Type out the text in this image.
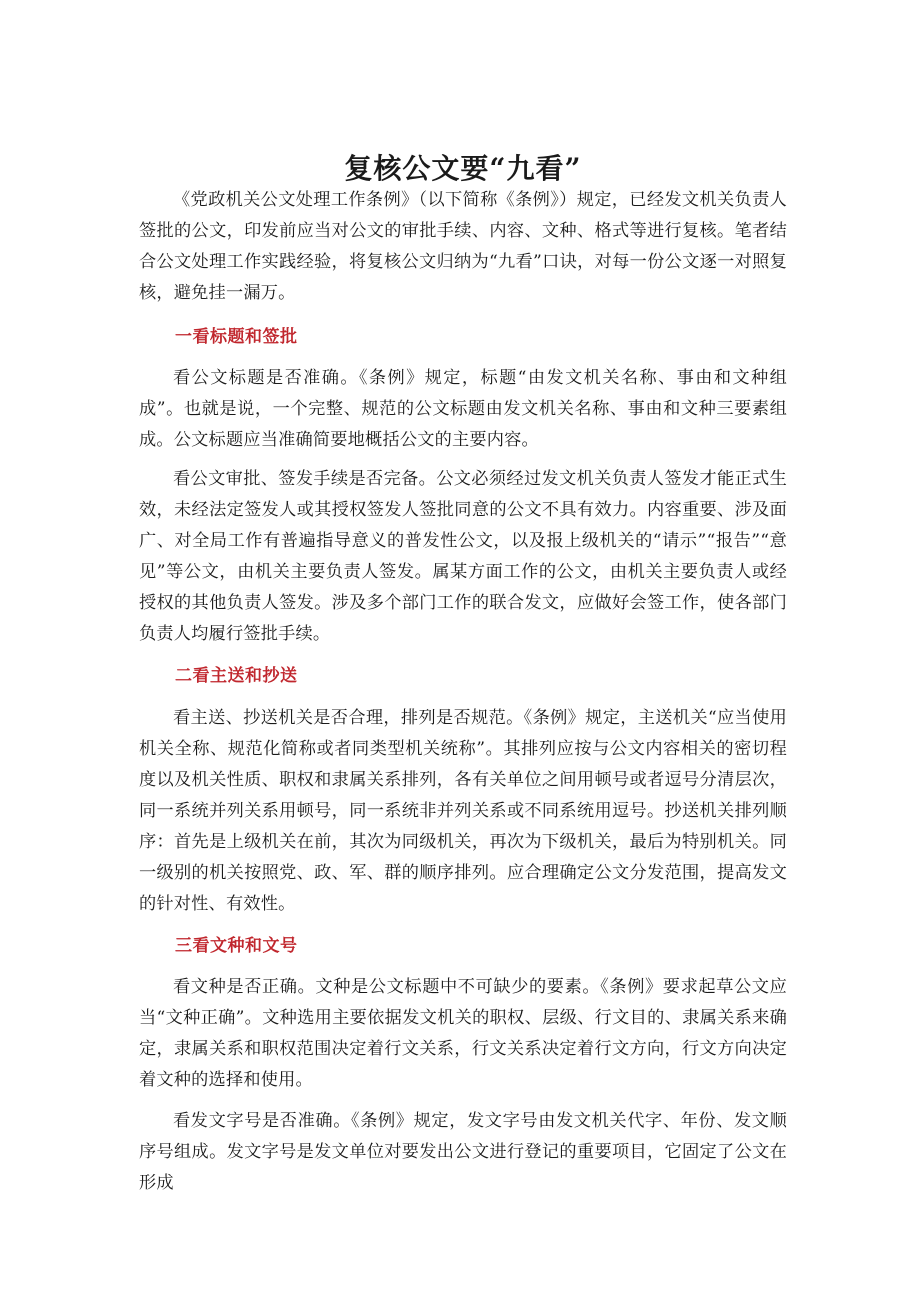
复核公文要“九看”

《党政机关公文处理工作条例》（以下简称《条例》）规定，已经发文机关负责人签批的公文，印发前应当对公文的审批手续、内容、文种、格式等进行复核。笔者结合公文处理工作实践经验，将复核公文归纳为“九看”口诀，对每一份公文逐一对照复核，避免挂一漏万。

一看标题和签批

看公文标题是否准确。《条例》规定，标题“由发文机关名称、事由和文种组成”。也就是说，一个完整、规范的公文标题由发文机关名称、事由和文种三要素组成。公文标题应当准确简要地概括公文的主要内容。

看公文审批、签发手续是否完备。公文必须经过发文机关负责人签发才能正式生效，未经法定签发人或其授权签发人签批同意的公文不具有效力。内容重要、涉及面广、对全局工作有普遍指导意义的普发性公文，以及报上级机关的“请示”“报告”“意见”等公文，由机关主要负责人签发。属某方面工作的公文，由机关主要负责人或经授权的其他负责人签发。涉及多个部门工作的联合发文，应做好会签工作，使各部门负责人均履行签批手续。

二看主送和抄送

看主送、抄送机关是否合理，排列是否规范。《条例》规定，主送机关“应当使用机关全称、规范化简称或者同类型机关统称”。其排列应按与公文内容相关的密切程度以及机关性质、职权和隶属关系排列，各有关单位之间用顿号或者逗号分清层次，同一系统并列关系用顿号，同一系统非并列关系或不同系统用逗号。抄送机关排列顺序：首先是上级机关在前，其次为同级机关，再次为下级机关，最后为特别机关。同一级别的机关按照党、政、军、群的顺序排列。应合理确定公文分发范围，提高发文的针对性、有效性。

三看文种和文号

看文种是否正确。文种是公文标题中不可缺少的要素。《条例》要求起草公文应当“文种正确”。文种选用主要依据发文机关的职权、层级、行文目的、隶属关系来确定，隶属关系和职权范围决定着行文关系，行文关系决定着行文方向，行文方向决定着文种的选择和使用。

看发文字号是否准确。《条例》规定，发文字号由发文机关代字、年份、发文顺序号组成。发文字号是发文单位对要发出公文进行登记的重要项目，它固定了公文在形成
